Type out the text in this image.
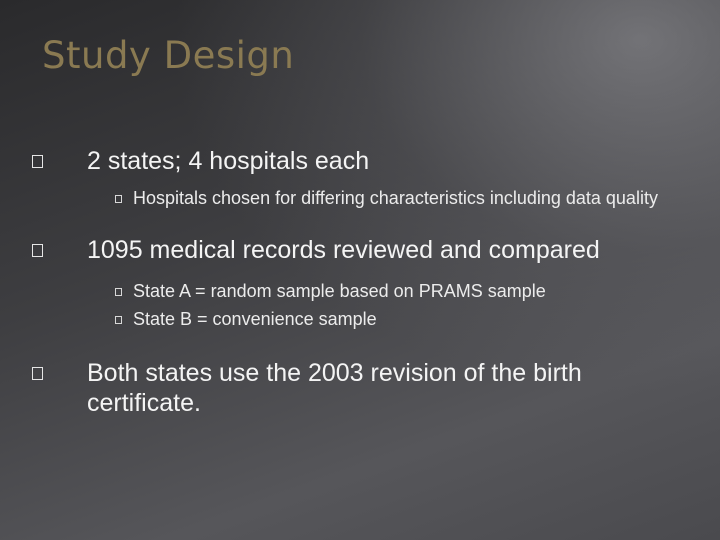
Study Design
2 states; 4 hospitals each
Hospitals chosen for differing characteristics including data quality
1095 medical records reviewed and compared
State A = random sample based on PRAMS sample
State B = convenience sample
Both states use the 2003 revision of the birth certificate.
